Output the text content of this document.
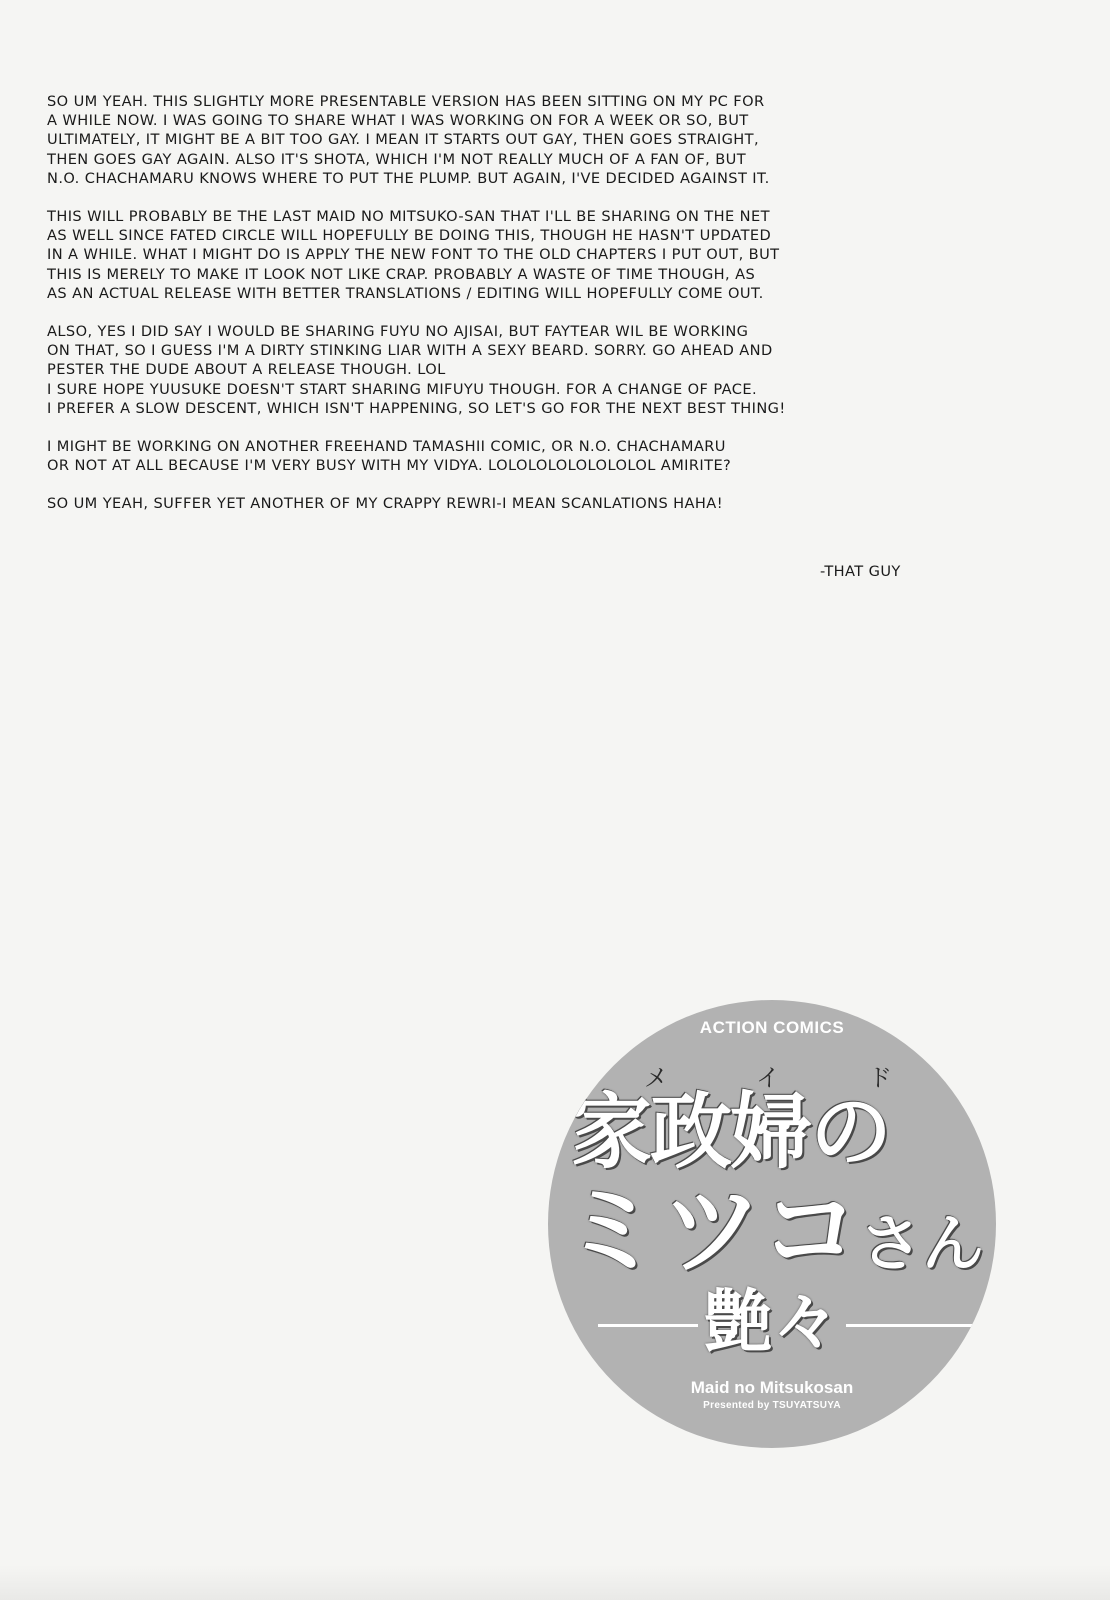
SO UM YEAH. THIS SLIGHTLY MORE PRESENTABLE VERSION HAS BEEN SITTING ON MY PC FOR
A WHILE NOW. I WAS GOING TO SHARE WHAT I WAS WORKING ON FOR A WEEK OR SO, BUT
ULTIMATELY, IT MIGHT BE A BIT TOO GAY. I MEAN IT STARTS OUT GAY, THEN GOES STRAIGHT,
THEN GOES GAY AGAIN. ALSO IT'S SHOTA, WHICH I'M NOT REALLY MUCH OF A FAN OF, BUT
N.O. CHACHAMARU KNOWS WHERE TO PUT THE PLUMP. BUT AGAIN, I'VE DECIDED AGAINST IT.
THIS WILL PROBABLY BE THE LAST MAID NO MITSUKO-SAN THAT I'LL BE SHARING ON THE NET
AS WELL SINCE FATED CIRCLE WILL HOPEFULLY BE DOING THIS, THOUGH HE HASN'T UPDATED
IN A WHILE. WHAT I MIGHT DO IS APPLY THE NEW FONT TO THE OLD CHAPTERS I PUT OUT, BUT
THIS IS MERELY TO MAKE IT LOOK NOT LIKE CRAP. PROBABLY A WASTE OF TIME THOUGH, AS
AS AN ACTUAL RELEASE WITH BETTER TRANSLATIONS / EDITING WILL HOPEFULLY COME OUT.
ALSO, YES I DID SAY I WOULD BE SHARING FUYU NO AJISAI, BUT FAYTEAR WIL BE WORKING
ON THAT, SO I GUESS I'M A DIRTY STINKING LIAR WITH A SEXY BEARD. SORRY. GO AHEAD AND
PESTER THE DUDE ABOUT A RELEASE THOUGH. LOL
I SURE HOPE YUUSUKE DOESN'T START SHARING MIFUYU THOUGH. FOR A CHANGE OF PACE.
I PREFER A SLOW DESCENT, WHICH ISN'T HAPPENING, SO LET'S GO FOR THE NEXT BEST THING!
I MIGHT BE WORKING ON ANOTHER FREEHAND TAMASHII COMIC, OR N.O. CHACHAMARU
OR NOT AT ALL BECAUSE I'M VERY BUSY WITH MY VIDYA. LOLOLOLOLOLOLOLOL AMIRITE?
SO UM YEAH, SUFFER YET ANOTHER OF MY CRAPPY REWRI-I MEAN SCANLATIONS HAHA!
-THAT GUY
ACTION COMICS
メ	イ	ド
家政婦の
ミツコさん
艶々
Maid no Mitsukosan
Presented by TSUYATSUYA
